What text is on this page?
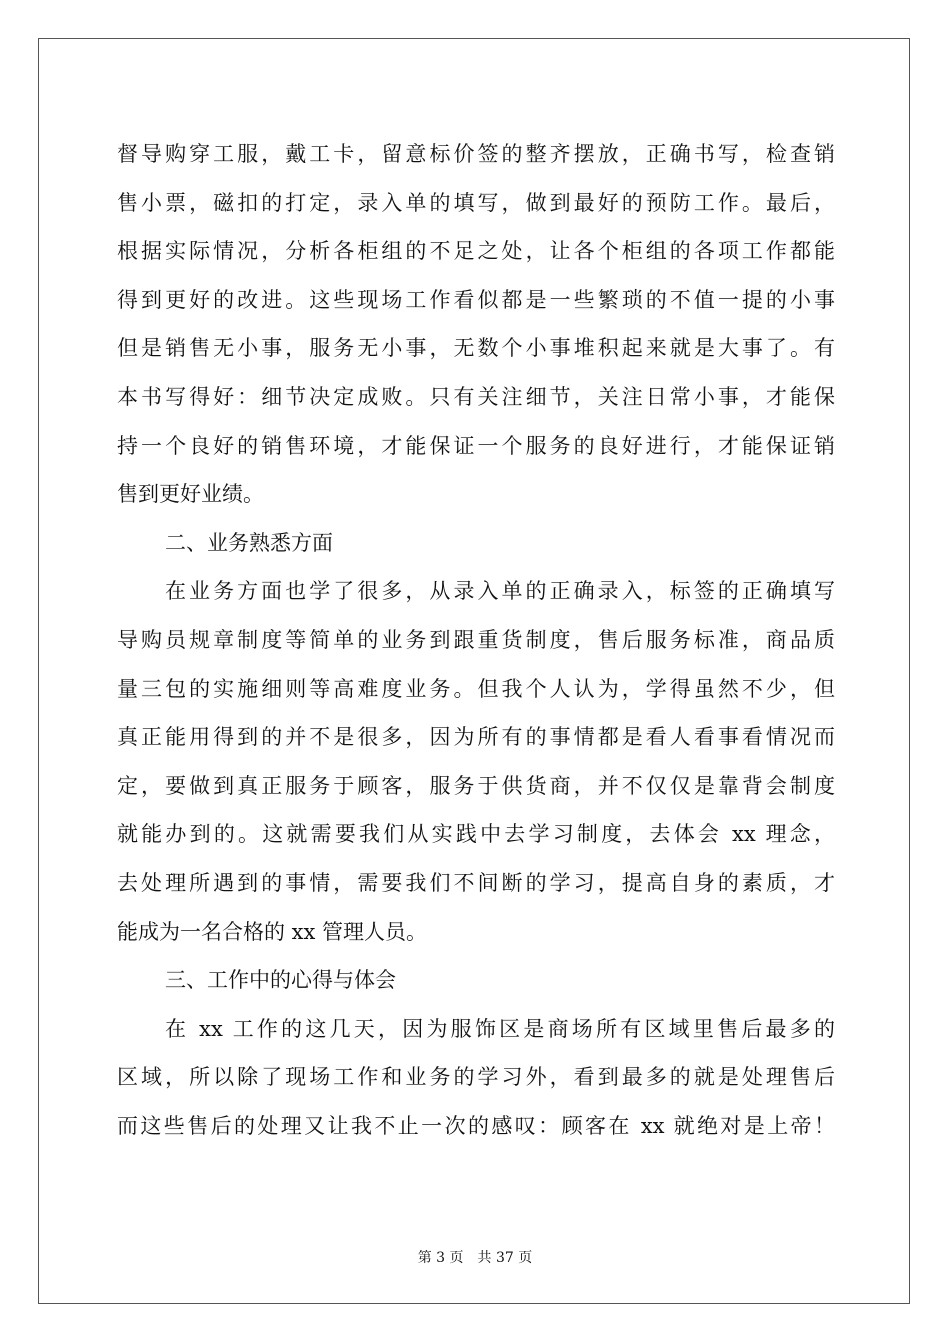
督导购穿工服，戴工卡，留意标价签的整齐摆放，正确书写，检查销
售小票，磁扣的打定，录入单的填写，做到最好的预防工作。最后，
根据实际情况，分析各柜组的不足之处，让各个柜组的各项工作都能
得到更好的改进。这些现场工作看似都是一些繁琐的不值一提的小事
但是销售无小事，服务无小事，无数个小事堆积起来就是大事了。有
本书写得好：细节决定成败。只有关注细节，关注日常小事，才能保
持一个良好的销售环境，才能保证一个服务的良好进行，才能保证销
售到更好业绩。
二、业务熟悉方面
在业务方面也学了很多，从录入单的正确录入，标签的正确填写
导购员规章制度等简单的业务到跟重货制度，售后服务标准，商品质
量三包的实施细则等高难度业务。但我个人认为，学得虽然不少，但
真正能用得到的并不是很多，因为所有的事情都是看人看事看情况而
定，要做到真正服务于顾客，服务于供货商，并不仅仅是靠背会制度
就能办到的。这就需要我们从实践中去学习制度，去体会 xx 理念，
去处理所遇到的事情，需要我们不间断的学习，提高自身的素质，才
能成为一名合格的 xx 管理人员。
三、工作中的心得与体会
在 xx 工作的这几天，因为服饰区是商场所有区域里售后最多的
区域，所以除了现场工作和业务的学习外，看到最多的就是处理售后
而这些售后的处理又让我不止一次的感叹：顾客在 xx 就绝对是上帝！
第 3 页 共 37 页
